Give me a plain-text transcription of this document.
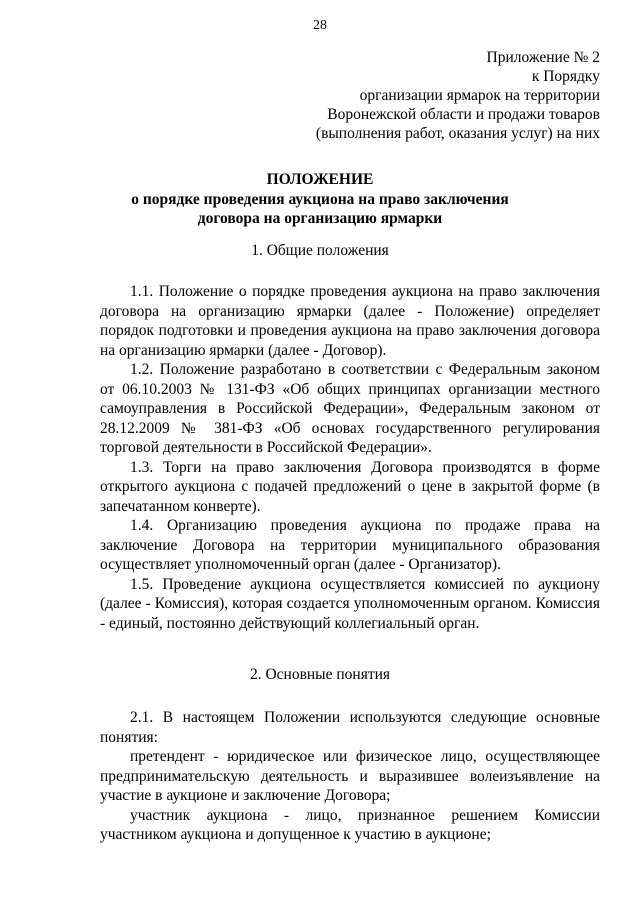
28
Приложение № 2
к Порядку
организации ярмарок на территории
Воронежской области и продажи товаров
(выполнения работ, оказания услуг) на них
ПОЛОЖЕНИЕ
о порядке проведения аукциона на право заключения
договора на организацию ярмарки
1. Общие положения

1.1. Положение о порядке проведения аукциона на право заключения договора на организацию ярмарки (далее - Положение) определяет порядок подготовки и проведения аукциона на право заключения договора на организацию ярмарки (далее - Договор).

1.2. Положение разработано в соответствии с Федеральным законом от 06.10.2003 № 131-ФЗ «Об общих принципах организации местного самоуправления в Российской Федерации», Федеральным законом от 28.12.2009 № 381-ФЗ «Об основах государственного регулирования торговой деятельности в Российской Федерации».

1.3. Торги на право заключения Договора производятся в форме открытого аукциона с подачей предложений о цене в закрытой форме (в запечатанном конверте).

1.4. Организацию проведения аукциона по продаже права на заключение Договора на территории муниципального образования осуществляет уполномоченный орган (далее - Организатор).

1.5. Проведение аукциона осуществляется комиссией по аукциону (далее - Комиссия), которая создается уполномоченным органом. Комиссия - единый, постоянно действующий коллегиальный орган.

2. Основные понятия

2.1. В настоящем Положении используются следующие основные понятия:

претендент - юридическое или физическое лицо, осуществляющее предпринимательскую деятельность и выразившее волеизъявление на участие в аукционе и заключение Договора;

участник аукциона - лицо, признанное решением Комиссии участником аукциона и допущенное к участию в аукционе;
